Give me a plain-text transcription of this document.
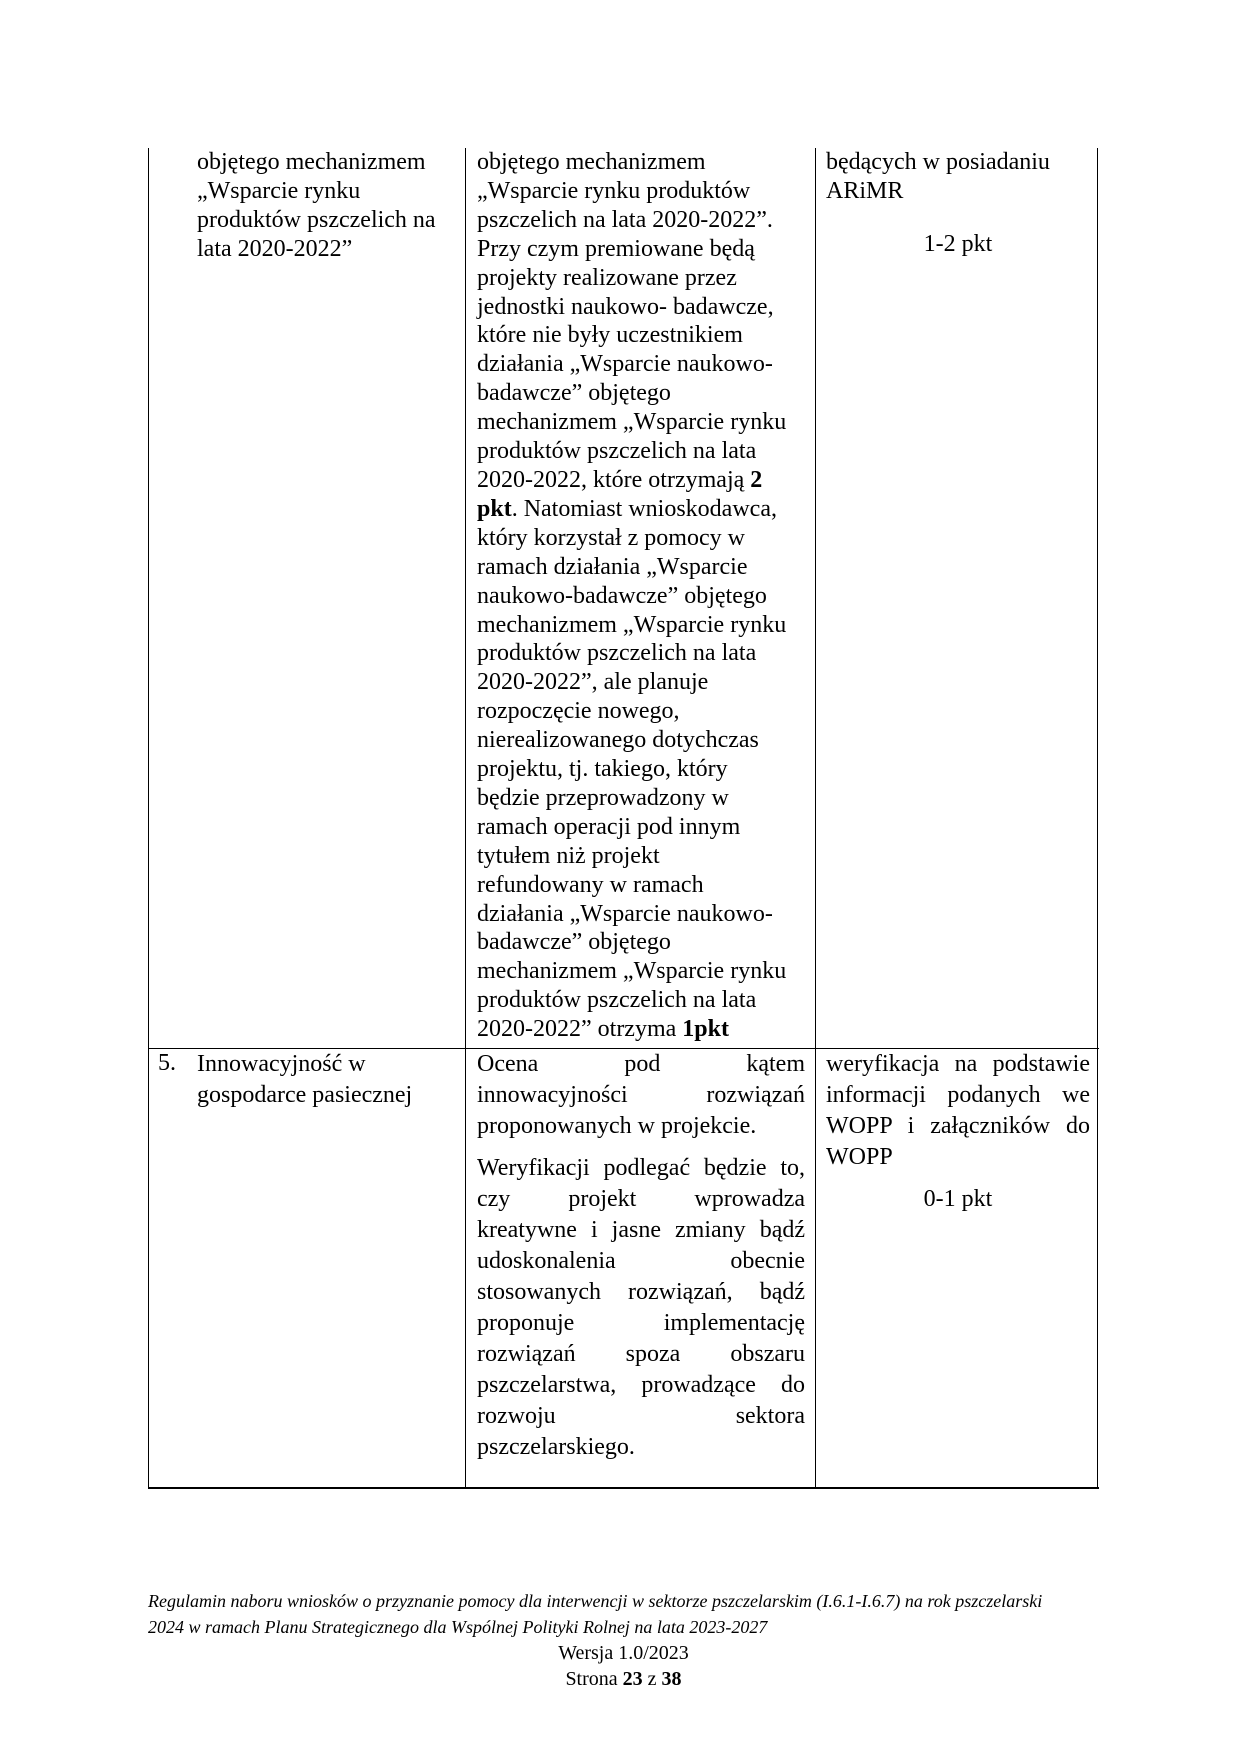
objętego mechanizmem
„Wsparcie rynku
produktów pszczelich na
lata 2020-2022”
objętego mechanizmem
„Wsparcie rynku produktów
pszczelich na lata 2020-2022”.
Przy czym premiowane będą
projekty realizowane przez
jednostki naukowo- badawcze,
które nie były uczestnikiem
działania „Wsparcie naukowo-
badawcze” objętego
mechanizmem „Wsparcie rynku
produktów pszczelich na lata
2020-2022, które otrzymają 2
pkt. Natomiast wnioskodawca,
który korzystał z pomocy w
ramach działania „Wsparcie
naukowo-badawcze” objętego
mechanizmem „Wsparcie rynku
produktów pszczelich na lata
2020-2022”, ale planuje
rozpoczęcie nowego,
nierealizowanego dotychczas
projektu, tj. takiego, który
będzie przeprowadzony w
ramach operacji pod innym
tytułem niż projekt
refundowany w ramach
działania „Wsparcie naukowo-
badawcze” objętego
mechanizmem „Wsparcie rynku
produktów pszczelich na lata
2020-2022” otrzyma 1pkt
będących w posiadaniu
ARiMR
1-2 pkt
5. Innowacyjność w
gospodarce pasiecznej
Ocena pod kątem
innowacyjności rozwiązań
proponowanych w projekcie.
Weryfikacji podlegać będzie to,
czy projekt wprowadza
kreatywne i jasne zmiany bądź
udoskonalenia obecnie
stosowanych rozwiązań, bądź
proponuje implementację
rozwiązań spoza obszaru
pszczelarstwa, prowadzące do
rozwoju sektora
pszczelarskiego.
weryfikacja na podstawie
informacji podanych we
WOPP i załączników do
WOPP
0-1 pkt
Regulamin naboru wniosków o przyznanie pomocy dla interwencji w sektorze pszczelarskim (I.6.1-I.6.7) na rok pszczelarski
2024 w ramach Planu Strategicznego dla Wspólnej Polityki Rolnej na lata 2023-2027
Wersja 1.0/2023
Strona 23 z 38
